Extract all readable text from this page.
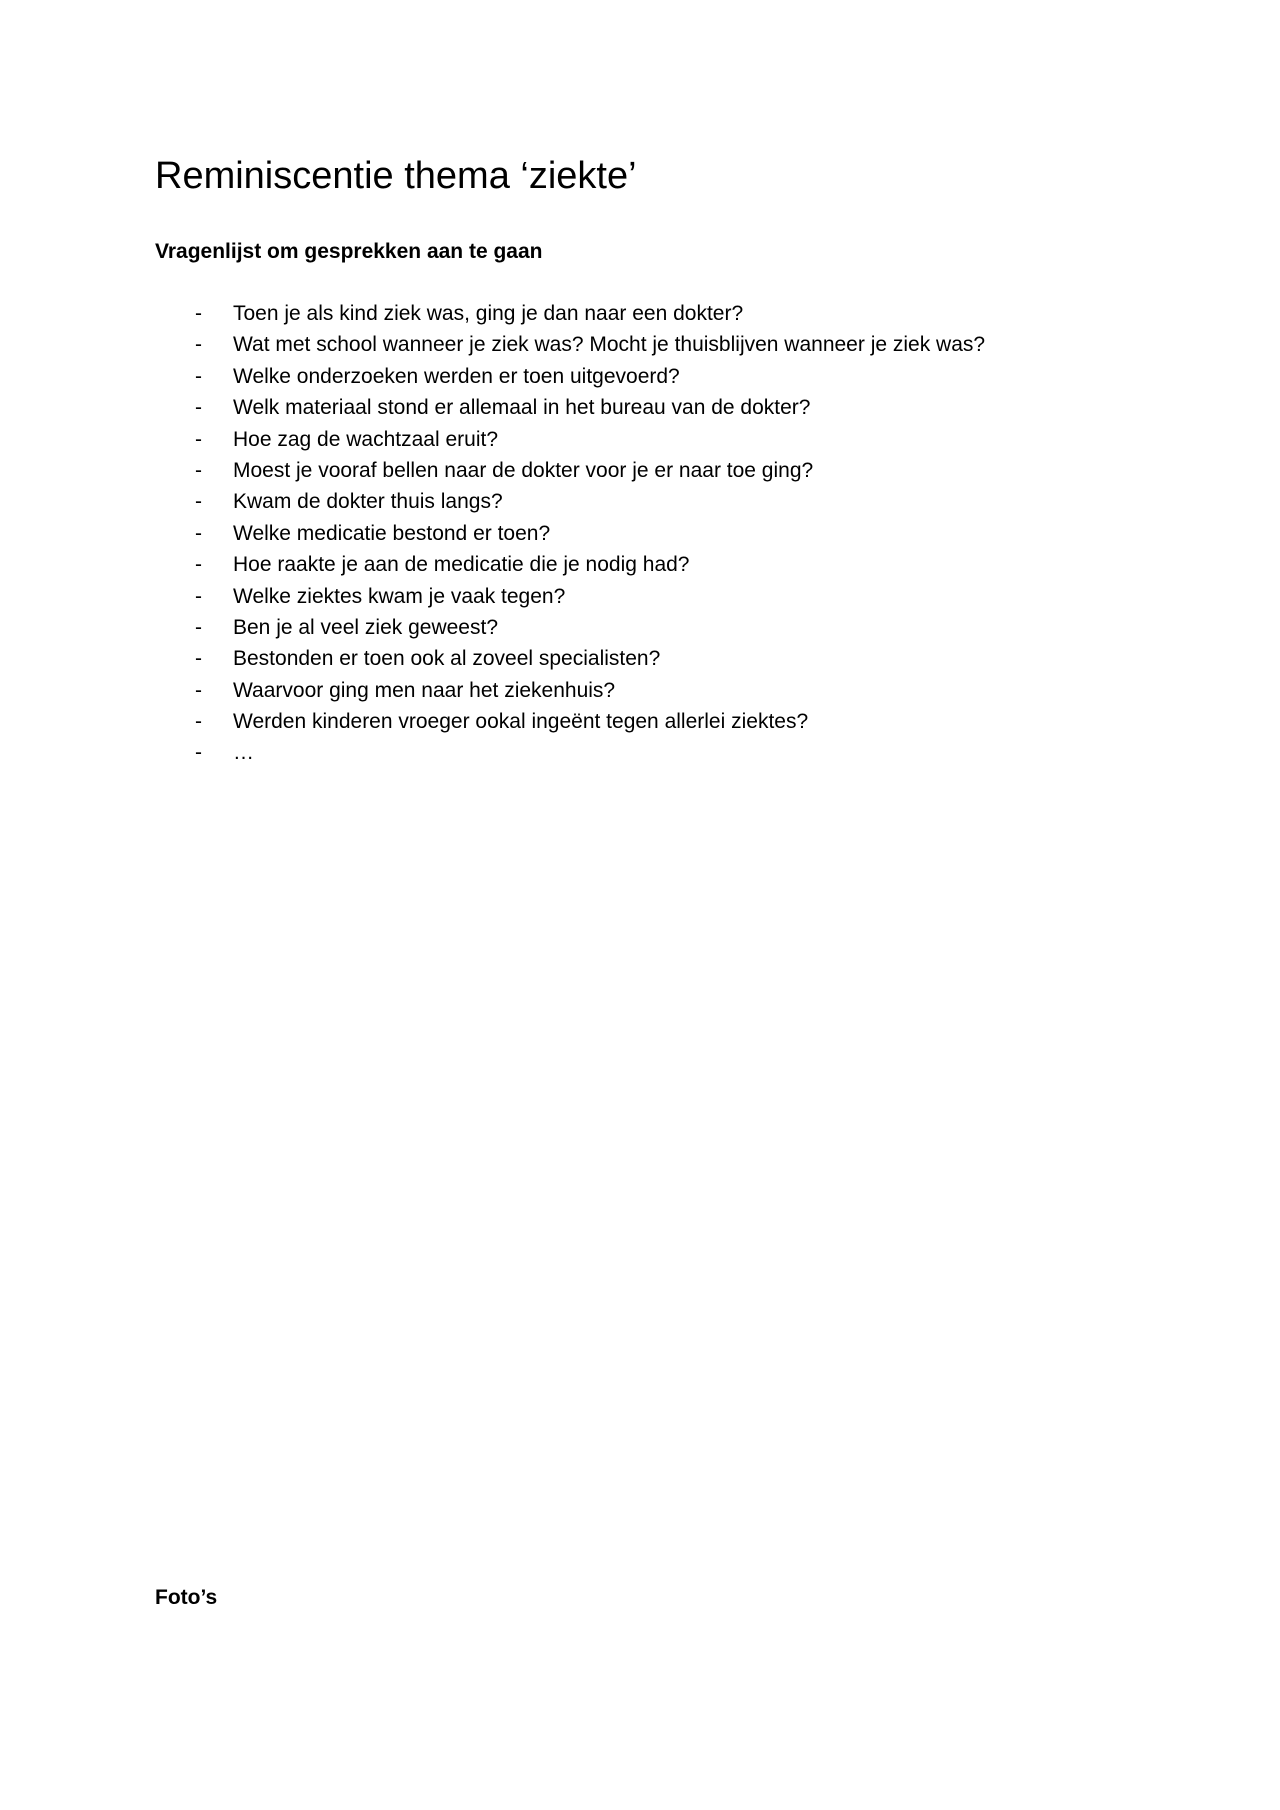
Reminiscentie thema ‘ziekte’
Vragenlijst om gesprekken aan te gaan
- Toen je als kind ziek was, ging je dan naar een dokter?
- Wat met school wanneer je ziek was? Mocht je thuisblijven wanneer je ziek was?
- Welke onderzoeken werden er toen uitgevoerd?
- Welk materiaal stond er allemaal in het bureau van de dokter?
- Hoe zag de wachtzaal eruit?
- Moest je vooraf bellen naar de dokter voor je er naar toe ging?
- Kwam de dokter thuis langs?
- Welke medicatie bestond er toen?
- Hoe raakte je aan de medicatie die je nodig had?
- Welke ziektes kwam je vaak tegen?
- Ben je al veel ziek geweest?
- Bestonden er toen ook al zoveel specialisten?
- Waarvoor ging men naar het ziekenhuis?
- Werden kinderen vroeger ookal ingeënt tegen allerlei ziektes?
- …
Foto’s
